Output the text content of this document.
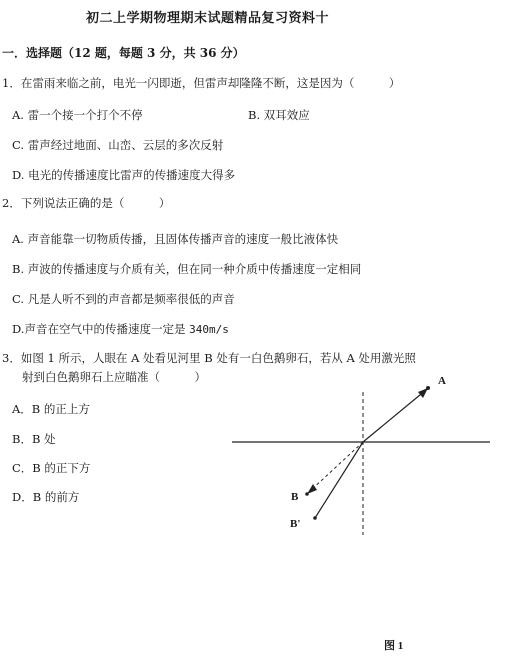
初二上学期物理期末试题精品复习资料十
一．选择题（12 题，每题 3 分，共 36 分）
1．在雷雨来临之前，电光一闪即逝，但雷声却隆隆不断，这是因为（　　　）
A. 雷一个接一个打个不停	B. 双耳效应
C. 雷声经过地面、山峦、云层的多次反射
D. 电光的传播速度比雷声的传播速度大得多
2．下列说法正确的是（　　　）
A. 声音能靠一切物质传播，且固体传播声音的速度一般比液体快
B. 声波的传播速度与介质有关，但在同一种介质中传播速度一定相同
C. 凡是人听不到的声音都是频率很低的声音
D.声音在空气中的传播速度一定是 340m/s
3．如图 1 所示，人眼在 A 处看见河里 B 处有一白色鹅卵石，若从 A 处用激光照
射到白色鹅卵石上应瞄准（　　　）
A．B 的正上方
B．B 处
C．B 的正下方
D．B 的前方
A
B
B'
图 1
